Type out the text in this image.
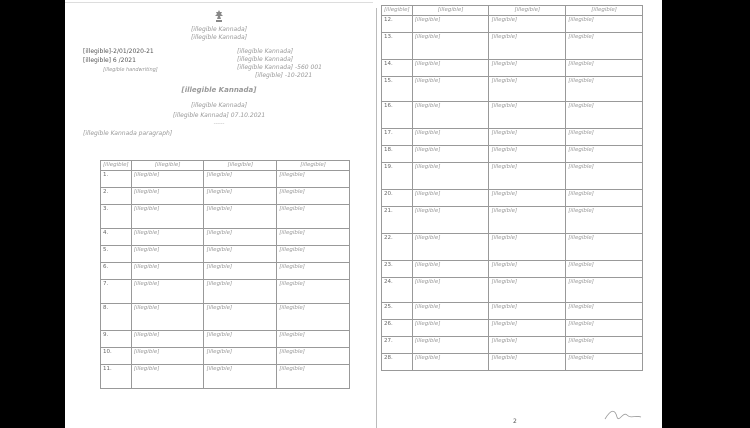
[illegible Kannada]
[illegible Kannada]
[illegible]-2/01/2020-21
[illegible] 6 /2021
[illegible handwriting]
[illegible Kannada]
[illegible Kannada]
[illegible Kannada] -560 001
[illegible] -10-2021
[illegible Kannada]
[illegible Kannada]
[illegible Kannada] 07.10.2021
-----
[illegible Kannada paragraph]
[illegible]	[illegible]	[illegible]	[illegible]
1.	[illegible]	[illegible]	[illegible]
2.	[illegible]	[illegible]	[illegible]
3.	[illegible]	[illegible]	[illegible]
4.	[illegible]	[illegible]	[illegible]
5.	[illegible]	[illegible]	[illegible]
6.	[illegible]	[illegible]	[illegible]
7.	[illegible]	[illegible]	[illegible]
8.	[illegible]	[illegible]	[illegible]
9.	[illegible]	[illegible]	[illegible]
10.	[illegible]	[illegible]	[illegible]
11.	[illegible]	[illegible]	[illegible]
[illegible]	[illegible]	[illegible]	[illegible]
12.	[illegible]	[illegible]	[illegible]
13.	[illegible]	[illegible]	[illegible]
14.	[illegible]	[illegible]	[illegible]
15.	[illegible]	[illegible]	[illegible]
16.	[illegible]	[illegible]	[illegible]
17.	[illegible]	[illegible]	[illegible]
18.	[illegible]	[illegible]	[illegible]
19.	[illegible]	[illegible]	[illegible]
20.	[illegible]	[illegible]	[illegible]
21.	[illegible]	[illegible]	[illegible]
22.	[illegible]	[illegible]	[illegible]
23.	[illegible]	[illegible]	[illegible]
24.	[illegible]	[illegible]	[illegible]
25.	[illegible]	[illegible]	[illegible]
26.	[illegible]	[illegible]	[illegible]
27.	[illegible]	[illegible]	[illegible]
28.	[illegible]	[illegible]	[illegible]
2
